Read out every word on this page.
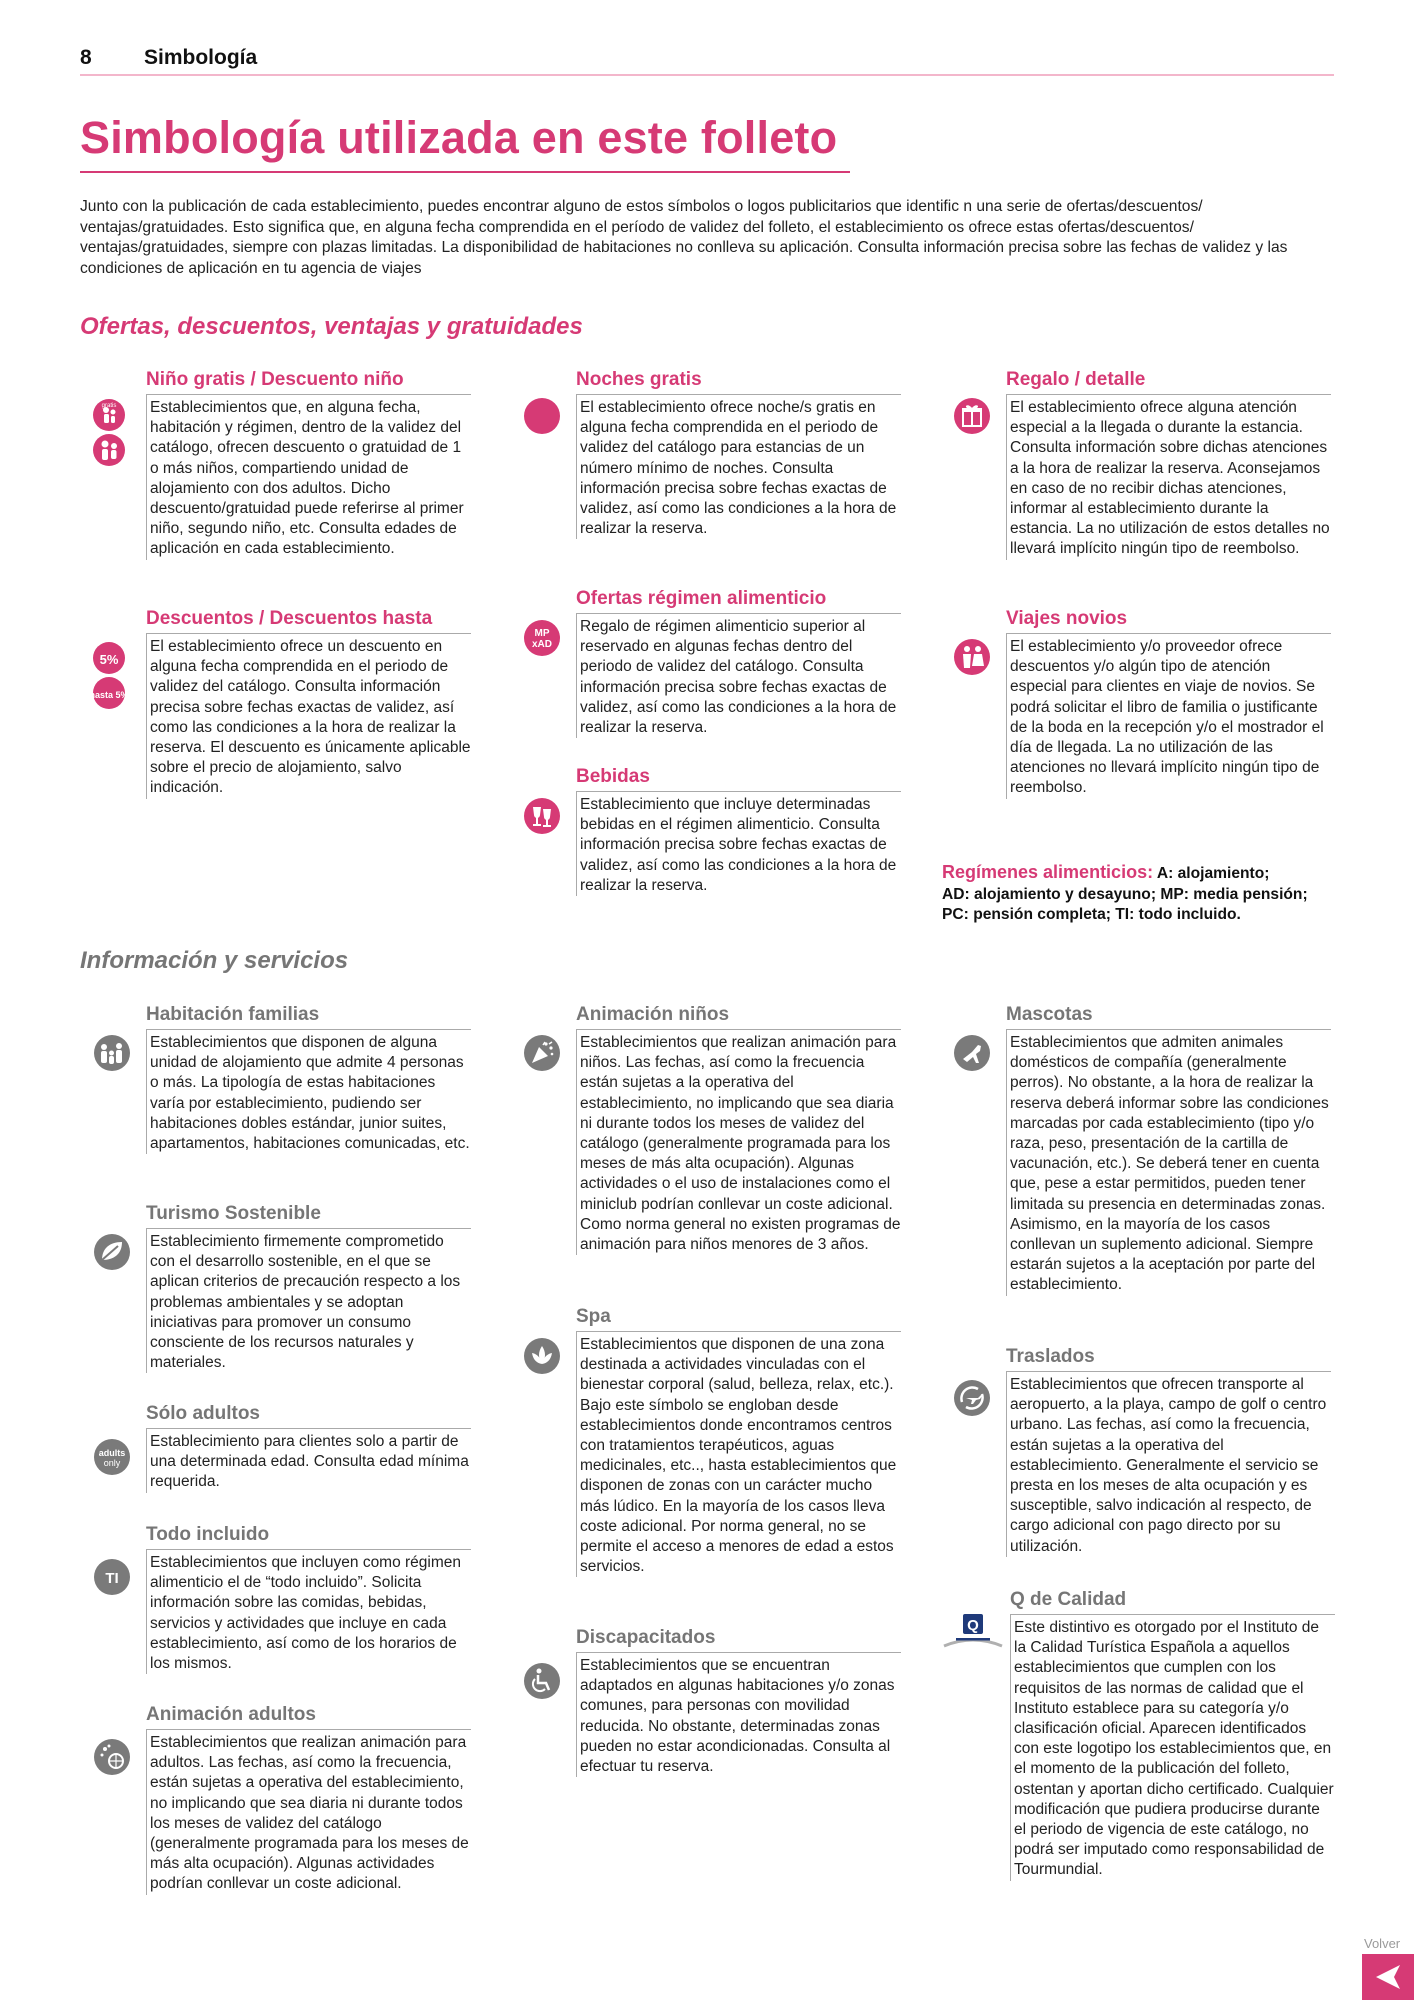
8 Simbología
Simbología utilizada en este folleto
Junto con la publicación de cada establecimiento, puedes encontrar alguno de estos símbolos o logos publicitarios que identific n una serie de ofertas/descuentos/ ventajas/gratuidades. Esto significa que, en alguna fecha comprendida en el período de validez del folleto, el establecimiento os ofrece estas ofertas/descuentos/ ventajas/gratuidades, siempre con plazas limitadas. La disponibilidad de habitaciones no conlleva su aplicación. Consulta información precisa sobre las fechas de validez y las condiciones de aplicación en tu agencia de viajes
Ofertas, descuentos, ventajas y gratuidades
gratis
Niño gratis / Descuento niño
Establecimientos que, en alguna fecha, habitación y régimen, dentro de la validez del catálogo, ofrecen descuento o gratuidad de 1 o más niños, compartiendo unidad de alojamiento con dos adultos. Dicho descuento/gratuidad puede referirse al primer niño, segundo niño, etc. Consulta edades de aplicación en cada establecimiento.
5%
hasta 5%
Descuentos / Descuentos hasta
El establecimiento ofrece un descuento en alguna fecha comprendida en el periodo de validez del catálogo. Consulta información precisa sobre fechas exactas de validez, así como las condiciones a la hora de realizar la reserva. El descuento es únicamente aplicable sobre el precio de alojamiento, salvo indicación.
Noches gratis
El establecimiento ofrece noche/s gratis en alguna fecha comprendida en el periodo de validez del catálogo para estancias de un número mínimo de noches. Consulta información precisa sobre fechas exactas de validez, así como las condiciones a la hora de realizar la reserva.
MP
xAD
Ofertas régimen alimenticio
Regalo de régimen alimenticio superior al reservado en algunas fechas dentro del periodo de validez del catálogo. Consulta información precisa sobre fechas exactas de validez, así como las condiciones a la hora de realizar la reserva.
Bebidas
Establecimiento que incluye determinadas bebidas en el régimen alimenticio. Consulta información precisa sobre fechas exactas de validez, así como las condiciones a la hora de realizar la reserva.
Regalo / detalle
El establecimiento ofrece alguna atención especial a la llegada o durante la estancia. Consulta información sobre dichas atenciones a la hora de realizar la reserva. Aconsejamos en caso de no recibir dichas atenciones, informar al establecimiento durante la estancia. La no utilización de estos detalles no llevará implícito ningún tipo de reembolso.
Viajes novios
El establecimiento y/o proveedor ofrece descuentos y/o algún tipo de atención especial para clientes en viaje de novios. Se podrá solicitar el libro de familia o justificante de la boda en la recepción y/o el mostrador el día de llegada. La no utilización de las atenciones no llevará implícito ningún tipo de reembolso.
Regímenes alimenticios: A: alojamiento;
AD: alojamiento y desayuno; MP: media pensión;
PC: pensión completa; TI: todo incluido.
Información y servicios
Habitación familias
Establecimientos que disponen de alguna unidad de alojamiento que admite 4 personas o más. La tipología de estas habitaciones varía por establecimiento, pudiendo ser habitaciones dobles estándar, junior suites, apartamentos, habitaciones comunicadas, etc.
Turismo Sostenible
Establecimiento firmemente comprometido con el desarrollo sostenible, en el que se aplican criterios de precaución respecto a los problemas ambientales y se adoptan iniciativas para promover un consumo consciente de los recursos naturales y materiales.
adults
only
Sólo adultos
Establecimiento para clientes solo a partir de una determinada edad. Consulta edad mínima requerida.
TI
Todo incluido
Establecimientos que incluyen como régimen alimenticio el de “todo incluido”. Solicita información sobre las comidas, bebidas, servicios y actividades que incluye en cada establecimiento, así como de los horarios de los mismos.
Animación adultos
Establecimientos que realizan animación para adultos. Las fechas, así como la frecuencia, están sujetas a operativa del establecimiento, no implicando que sea diaria ni durante todos los meses de validez del catálogo (generalmente programada para los meses de más alta ocupación). Algunas actividades podrían conllevar un coste adicional.
Animación niños
Establecimientos que realizan animación para niños. Las fechas, así como la frecuencia están sujetas a la operativa del establecimiento, no implicando que sea diaria ni durante todos los meses de validez del catálogo (generalmente programada para los meses de más alta ocupación). Algunas actividades o el uso de instalaciones como el miniclub podrían conllevar un coste adicional. Como norma general no existen programas de animación para niños menores de 3 años.
Spa
Establecimientos que disponen de una zona destinada a actividades vinculadas con el bienestar corporal (salud, belleza, relax, etc.). Bajo este símbolo se engloban desde establecimientos donde encontramos centros con tratamientos terapéuticos, aguas medicinales, etc.., hasta establecimientos que disponen de zonas con un carácter mucho más lúdico. En la mayoría de los casos lleva coste adicional. Por norma general, no se permite el acceso a menores de edad a estos servicios.
Discapacitados
Establecimientos que se encuentran adaptados en algunas habitaciones y/o zonas comunes, para personas con movilidad reducida. No obstante, determinadas zonas pueden no estar acondicionadas. Consulta al efectuar tu reserva.
Mascotas
Establecimientos que admiten animales domésticos de compañía (generalmente perros). No obstante, a la hora de realizar la reserva deberá informar sobre las condiciones marcadas por cada establecimiento (tipo y/o raza, peso, presentación de la cartilla de vacunación, etc.). Se deberá tener en cuenta que, pese a estar permitidos, pueden tener limitada su presencia en determinadas zonas. Asimismo, en la mayoría de los casos conllevan un suplemento adicional. Siempre estarán sujetos a la aceptación por parte del establecimiento.
Traslados
Establecimientos que ofrecen transporte al aeropuerto, a la playa, campo de golf o centro urbano. Las fechas, así como la frecuencia, están sujetas a la operativa del establecimiento. Generalmente el servicio se presta en los meses de alta ocupación y es susceptible, salvo indicación al respecto, de cargo adicional con pago directo por su utilización.
Q
Q de Calidad
Este distintivo es otorgado por el Instituto de la Calidad Turística Española a aquellos establecimientos que cumplen con los requisitos de las normas de calidad que el Instituto establece para su categoría y/o clasificación oficial. Aparecen identificados con este logotipo los establecimientos que, en el momento de la publicación del folleto, ostentan y aportan dicho certificado. Cualquier modificación que pudiera producirse durante el periodo de vigencia de este catálogo, no podrá ser imputado como responsabilidad de Tourmundial.
Volver
